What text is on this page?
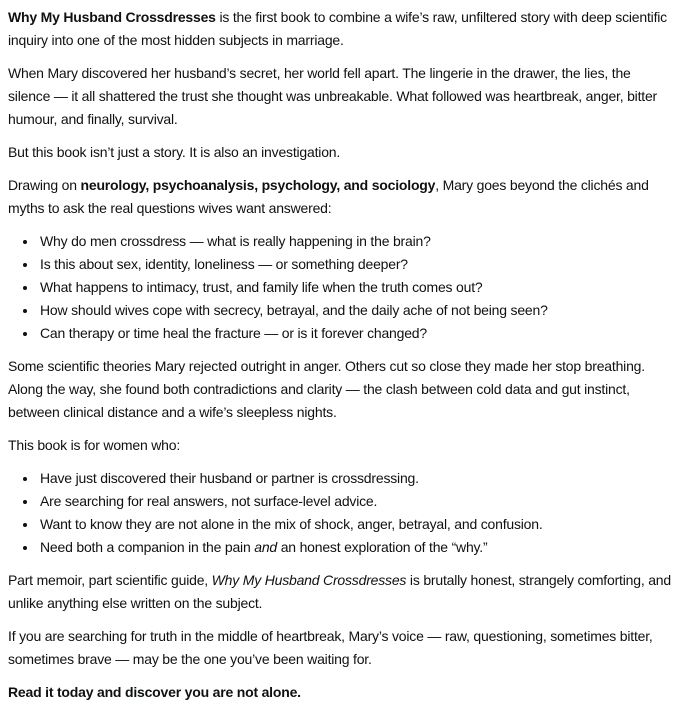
Why My Husband Crossdresses is the first book to combine a wife’s raw, unfiltered story with deep scientific inquiry into one of the most hidden subjects in marriage.

When Mary discovered her husband’s secret, her world fell apart. The lingerie in the drawer, the lies, the silence — it all shattered the trust she thought was unbreakable. What followed was heartbreak, anger, bitter humour, and finally, survival.

But this book isn’t just a story. It is also an investigation.

Drawing on neurology, psychoanalysis, psychology, and sociology, Mary goes beyond the clichés and myths to ask the real questions wives want answered:

• Why do men crossdress — what is really happening in the brain?
• Is this about sex, identity, loneliness — or something deeper?
• What happens to intimacy, trust, and family life when the truth comes out?
• How should wives cope with secrecy, betrayal, and the daily ache of not being seen?
• Can therapy or time heal the fracture — or is it forever changed?

Some scientific theories Mary rejected outright in anger. Others cut so close they made her stop breathing. Along the way, she found both contradictions and clarity — the clash between cold data and gut instinct, between clinical distance and a wife’s sleepless nights.

This book is for women who:

• Have just discovered their husband or partner is crossdressing.
• Are searching for real answers, not surface-level advice.
• Want to know they are not alone in the mix of shock, anger, betrayal, and confusion.
• Need both a companion in the pain and an honest exploration of the “why.”

Part memoir, part scientific guide, Why My Husband Crossdresses is brutally honest, strangely comforting, and unlike anything else written on the subject.

If you are searching for truth in the middle of heartbreak, Mary’s voice — raw, questioning, sometimes bitter, sometimes brave — may be the one you’ve been waiting for.

Read it today and discover you are not alone.
